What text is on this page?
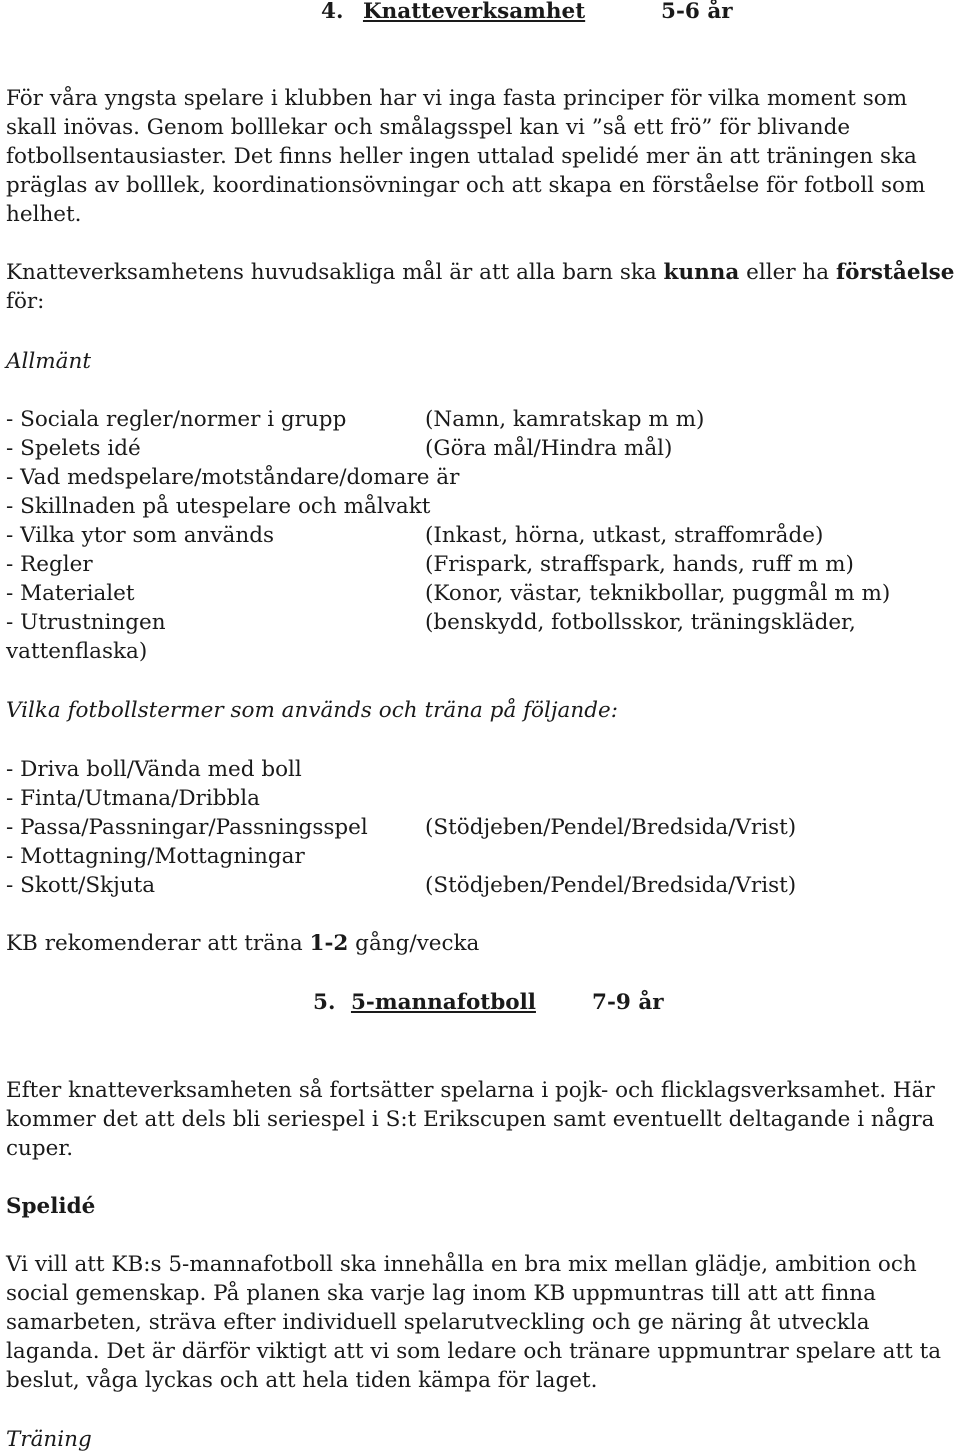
4. Knatteverksamhet	5-6 år
För våra yngsta spelare i klubben har vi inga fasta principer för vilka moment som skall inövas. Genom bolllekar och smålagsspel kan vi ”så ett frö” för blivande fotbollsentausiaster. Det finns heller ingen uttalad spelidé mer än att träningen ska präglas av bolllek, koordinationsövningar och att skapa en förståelse för fotboll som helhet.
Knatteverksamhetens huvudsakliga mål är att alla barn ska kunna eller ha förståelse för:
Allmänt
- Sociala regler/normer i grupp	(Namn, kamratskap m m)
- Spelets idé	(Göra mål/Hindra mål)
- Vad medspelare/motståndare/domare är
- Skillnaden på utespelare och målvakt
- Vilka ytor som används	(Inkast, hörna, utkast, straffområde)
- Regler	(Frispark, straffspark, hands, ruff m m)
- Materialet	(Konor, västar, teknikbollar, puggmål m m)
- Utrustningen	(benskydd, fotbollsskor, träningskläder,
vattenflaska)
Vilka fotbollstermer som används och träna på följande:
- Driva boll/Vända med boll
- Finta/Utmana/Dribbla
- Passa/Passningar/Passningsspel	(Stödjeben/Pendel/Bredsida/Vrist)
- Mottagning/Mottagningar
- Skott/Skjuta	(Stödjeben/Pendel/Bredsida/Vrist)
KB rekomenderar att träna 1-2 gång/vecka
5. 5-mannafotboll	7-9 år
Efter knatteverksamheten så fortsätter spelarna i pojk- och flicklagsverksamhet. Här kommer det att dels bli seriespel i S:t Erikscupen samt eventuellt deltagande i några cuper.
Spelidé
Vi vill att KB:s 5-mannafotboll ska innehålla en bra mix mellan glädje, ambition och social gemenskap. På planen ska varje lag inom KB uppmuntras till att att finna samarbeten, sträva efter individuell spelarutveckling och ge näring åt utveckla laganda. Det är därför viktigt att vi som ledare och tränare uppmuntrar spelare att ta beslut, våga lyckas och att hela tiden kämpa för laget.
Träning
